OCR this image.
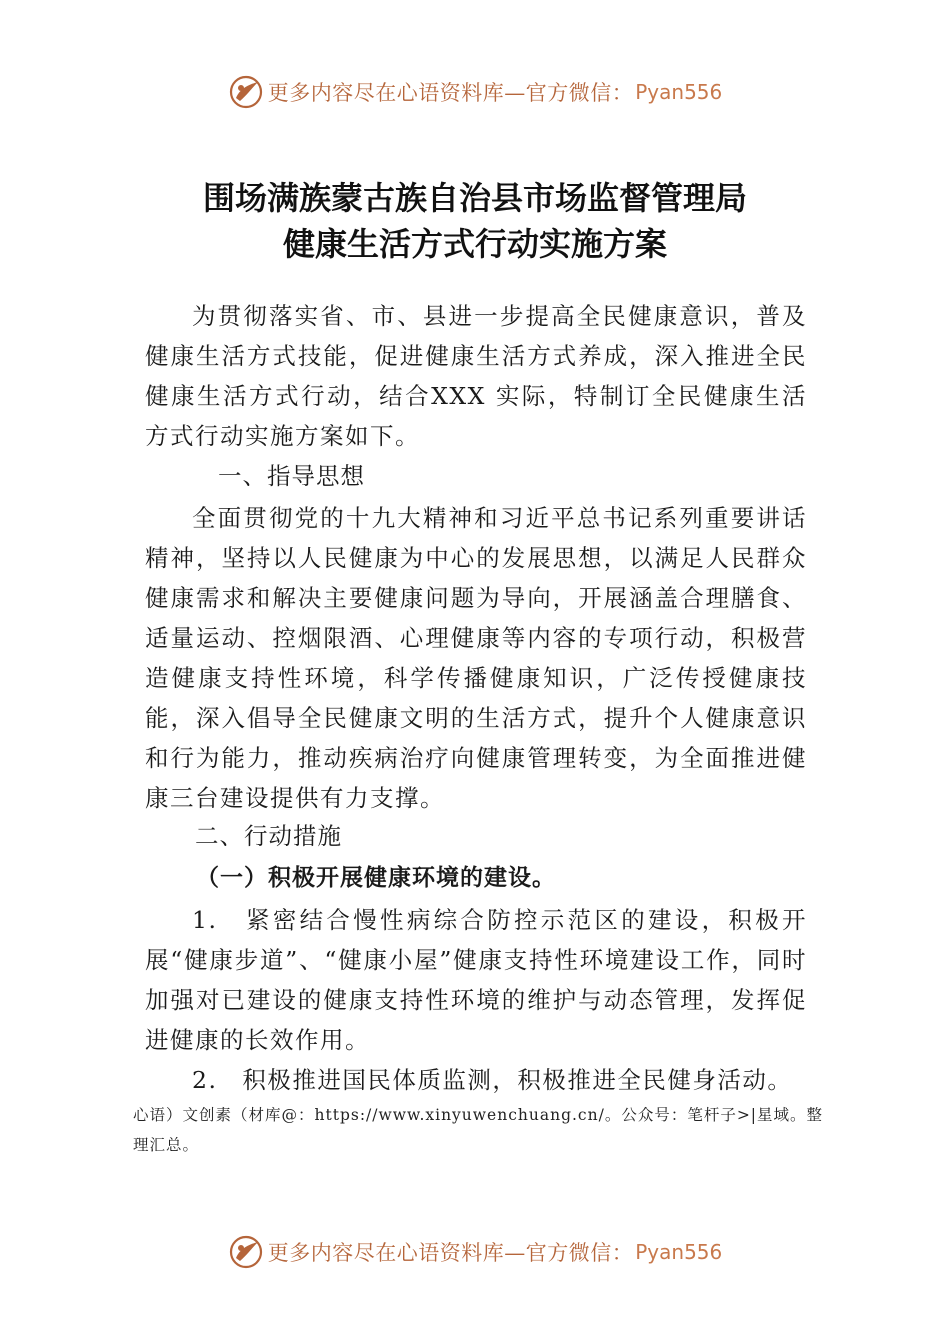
更多内容尽在心语资料库—官方微信： Pyan556
围场满族蒙古族自治县市场监督管理局
健康生活方式行动实施方案

为贯彻落实省、市、县进一步提高全民健康意识，普及健康生活方式技能，促进健康生活方式养成，深入推进全民健康生活方式行动，结合XXX 实际，特制订全民健康生活方式行动实施方案如下。

一、指导思想

全面贯彻党的十九大精神和习近平总书记系列重要讲话精神，坚持以人民健康为中心的发展思想，以满足人民群众健康需求和解决主要健康问题为导向，开展涵盖合理膳食、适量运动、控烟限酒、心理健康等内容的专项行动，积极营造健康支持性环境，科学传播健康知识，广泛传授健康技能，深入倡导全民健康文明的生活方式，提升个人健康意识和行为能力，推动疾病治疗向健康管理转变，为全面推进健康三台建设提供有力支撑。

二、行动措施

（一）积极开展健康环境的建设。

1.　紧密结合慢性病综合防控示范区的建设，积极开展“健康步道”、“健康小屋”健康支持性环境建设工作，同时加强对已建设的健康支持性环境的维护与动态管理，发挥促进健康的长效作用。

2.　积极推进国民体质监测，积极推进全民健身活动。

心语）文创素（材库@：https://www.xinyuwenchuang.cn/。公众号：笔杆子>|星域。整理汇总。

更多内容尽在心语资料库—官方微信： Pyan556
